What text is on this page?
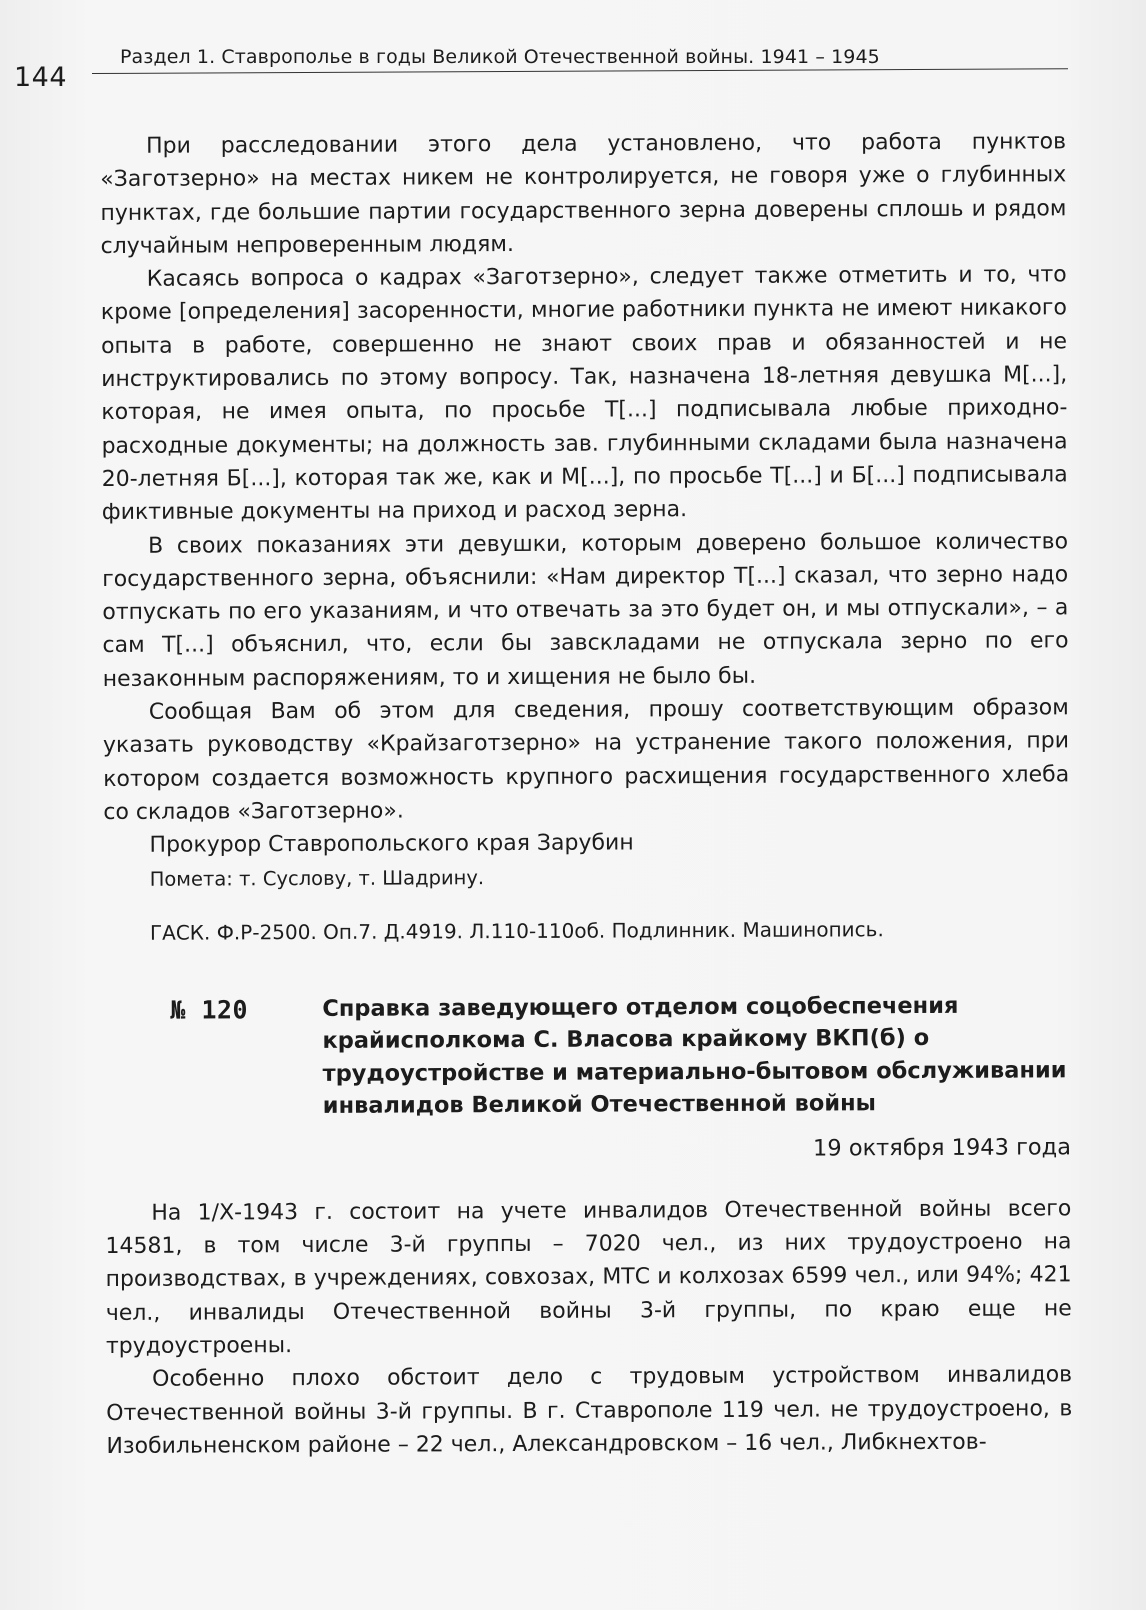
144
Раздел 1. Ставрополье в годы Великой Отечественной войны. 1941 – 1945

При расследовании этого дела установлено, что работа пунктов «Заготзерно» на местах никем не контролируется, не говоря уже о глубинных пунктах, где большие партии государственного зерна доверены сплошь и рядом случайным непроверенным людям.

Касаясь вопроса о кадрах «Заготзерно», следует также отметить и то, что кроме [определения] засоренности, многие работники пункта не имеют никакого опыта в работе, совершенно не знают своих прав и обязанностей и не инструктировались по этому вопросу. Так, назначена 18-летняя девушка М[...], которая, не имея опыта, по просьбе Т[...] подписывала любые приходно-расходные документы; на должность зав. глубинными складами была назначена 20-летняя Б[...], которая так же, как и М[...], по просьбе Т[...] и Б[...] подписывала фиктивные документы на приход и расход зерна.

В своих показаниях эти девушки, которым доверено большое количество государственного зерна, объяснили: «Нам директор Т[...] сказал, что зерно надо отпускать по его указаниям, и что отвечать за это будет он, и мы отпускали», – а сам Т[...] объяснил, что, если бы завскладами не отпускала зерно по его незаконным распоряжениям, то и хищения не было бы.

Сообщая Вам об этом для сведения, прошу соответствующим образом указать руководству «Крайзаготзерно» на устранение такого положения, при котором создается возможность крупного расхищения государственного хлеба со складов «Заготзерно».

Прокурор Ставропольского края Зарубин

Помета: т. Суслову, т. Шадрину.

ГАСК. Ф.Р-2500. Оп.7. Д.4919. Л.110-110об. Подлинник. Машинопись.

№ 120	Справка заведующего отделом соцобеспечения крайисполкома С. Власова крайкому ВКП(б) о трудоустройстве и материально-бытовом обслуживании инвалидов Великой Отечественной войны

19 октября 1943 года

На 1/Х-1943 г. состоит на учете инвалидов Отечественной войны всего 14581, в том числе 3-й группы – 7020 чел., из них трудоустроено на производствах, в учреждениях, совхозах, МТС и колхозах 6599 чел., или 94%; 421 чел., инвалиды Отечественной войны 3-й группы, по краю еще не трудоустроены.

Особенно плохо обстоит дело с трудовым устройством инвалидов Отечественной войны 3-й группы. В г. Ставрополе 119 чел. не трудоустроено, в Изобильненском районе – 22 чел., Александровском – 16 чел., Либкнехтов-
